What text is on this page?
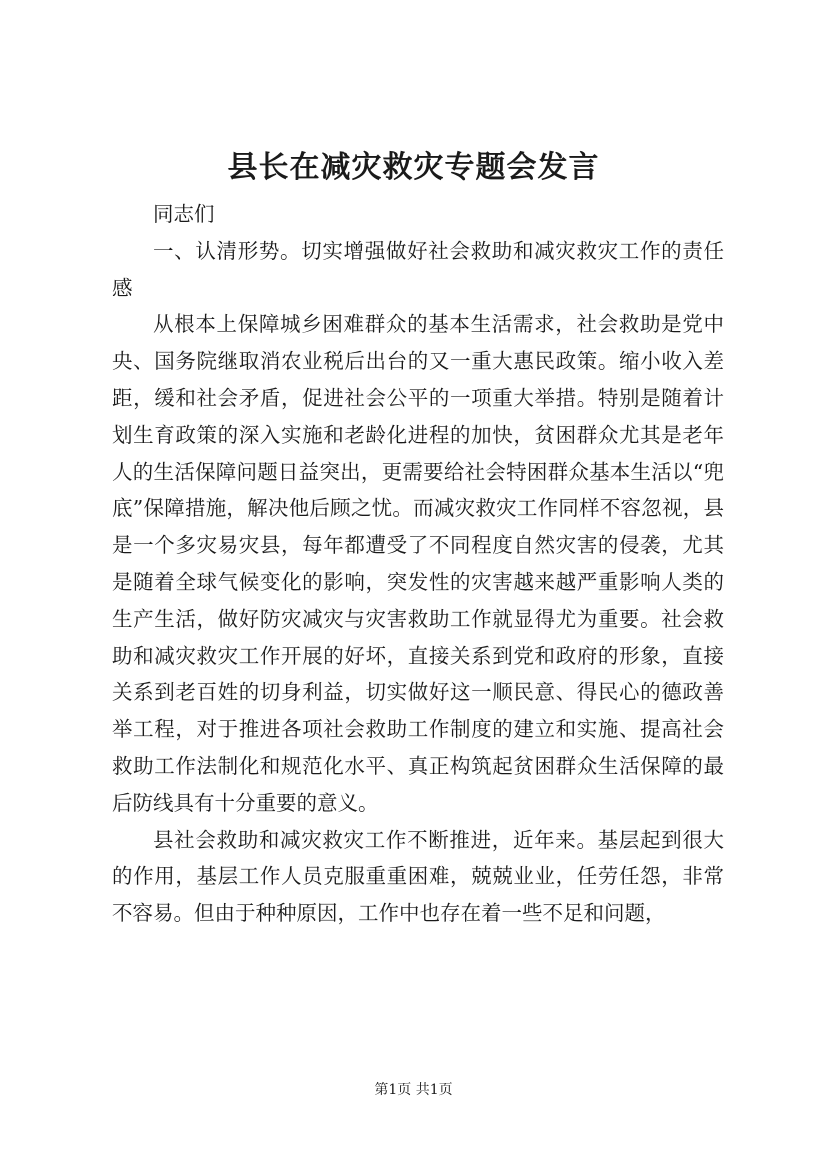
县长在减灾救灾专题会发言

同志们

一、认清形势。切实增强做好社会救助和减灾救灾工作的责任感

从根本上保障城乡困难群众的基本生活需求，社会救助是党中央、国务院继取消农业税后出台的又一重大惠民政策。缩小收入差距，缓和社会矛盾，促进社会公平的一项重大举措。特别是随着计划生育政策的深入实施和老龄化进程的加快，贫困群众尤其是老年人的生活保障问题日益突出，更需要给社会特困群众基本生活以“兜底”保障措施，解决他后顾之忧。而减灾救灾工作同样不容忽视，县是一个多灾易灾县，每年都遭受了不同程度自然灾害的侵袭，尤其是随着全球气候变化的影响，突发性的灾害越来越严重影响人类的生产生活，做好防灾减灾与灾害救助工作就显得尤为重要。社会救助和减灾救灾工作开展的好坏，直接关系到党和政府的形象，直接关系到老百姓的切身利益，切实做好这一顺民意、得民心的德政善举工程，对于推进各项社会救助工作制度的建立和实施、提高社会救助工作法制化和规范化水平、真正构筑起贫困群众生活保障的最后防线具有十分重要的意义。

县社会救助和减灾救灾工作不断推进，近年来。基层起到很大的作用，基层工作人员克服重重困难，兢兢业业，任劳任怨，非常不容易。但由于种种原因，工作中也存在着一些不足和问题，

第1页 共1页
